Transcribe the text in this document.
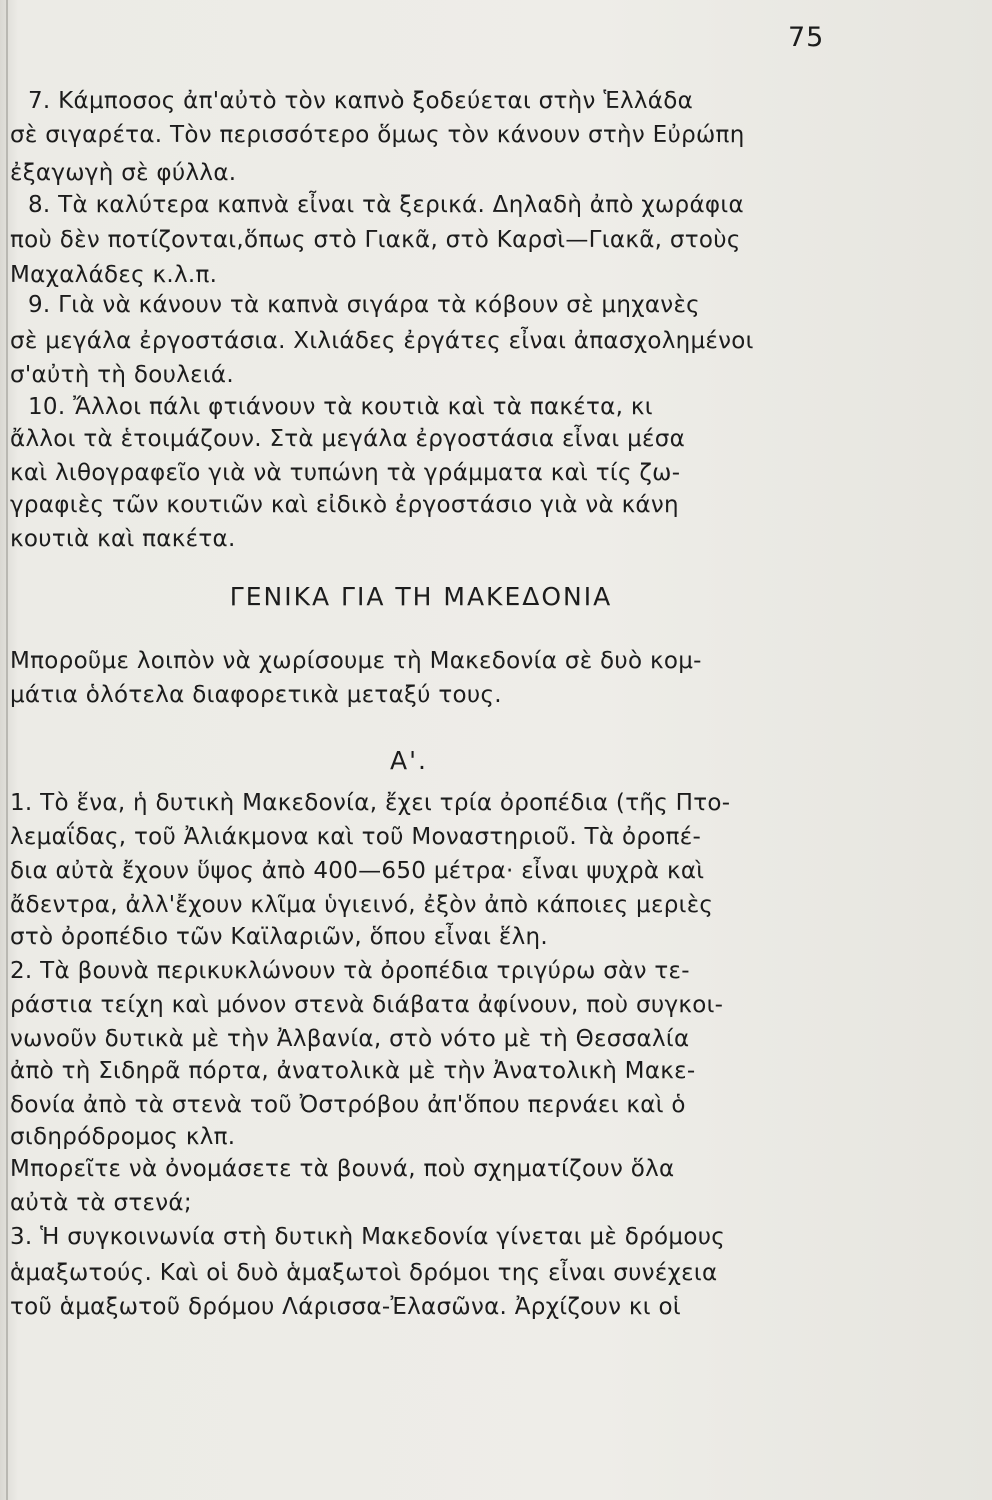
75
7. Κάμποσος ἀπ'αὐτὸ τὸν καπνὸ ξοδεύεται στὴν Ἑλλάδα
σὲ σιγαρέτα. Τὸν περισσότερο ὅμως τὸν κάνουν στὴν Εὐρώπη
ἐξαγωγὴ σὲ φύλλα.
8. Τὰ καλύτερα καπνὰ εἶναι τὰ ξερικά. Δηλαδὴ ἀπὸ χωράφια
ποὺ δὲν ποτίζονται,ὅπως στὸ Γιακᾶ, στὸ Καρσὶ—Γιακᾶ, στοὺς
Μαχαλάδες κ.λ.π.
9. Γιὰ νὰ κάνουν τὰ καπνὰ σιγάρα τὰ κόβουν σὲ μηχανὲς
σὲ μεγάλα ἐργοστάσια. Χιλιάδες ἐργάτες εἶναι ἀπασχολημένοι
σ'αὐτὴ τὴ δουλειά.
10. Ἄλλοι πάλι φτιάνουν τὰ κουτιὰ καὶ τὰ πακέτα, κι
ἄλλοι τὰ ἑτοιμάζουν. Στὰ μεγάλα ἐργοστάσια εἶναι μέσα
καὶ λιθογραφεῖο γιὰ νὰ τυπώνη τὰ γράμματα καὶ τίς ζω-
γραφιὲς τῶν κουτιῶν καὶ εἰδικὸ ἐργοστάσιο γιὰ νὰ κάνη
κουτιὰ καὶ πακέτα.
ΓΕΝΙΚΑ ΓΙΑ ΤΗ ΜΑΚΕΔΟΝΙΑ
Μποροῦμε λοιπὸν νὰ χωρίσουμε τὴ Μακεδονία σὲ δυὸ κομ-
μάτια ὁλότελα διαφορετικὰ μεταξύ τους.
Α'.
1. Τὸ ἕνα, ἡ δυτικὴ Μακεδονία, ἔχει τρία ὀροπέδια (τῆς Πτο-
λεμαΐδας, τοῦ Ἀλιάκμονα καὶ τοῦ Μοναστηριοῦ. Τὰ ὀροπέ-
δια αὐτὰ ἔχουν ὕψος ἀπὸ 400—650 μέτρα· εἶναι ψυχρὰ καὶ
ἄδεντρα, ἀλλ'ἔχουν κλῖμα ὑγιεινό, ἐξὸν ἀπὸ κάποιες μεριὲς
στὸ ὀροπέδιο τῶν Καϊλαριῶν, ὅπου εἶναι ἕλη.
2. Τὰ βουνὰ περικυκλώνουν τὰ ὀροπέδια τριγύρω σὰν τε-
ράστια τείχη καὶ μόνον στενὰ διάβατα ἀφίνουν, ποὺ συγκοι-
νωνοῦν δυτικὰ μὲ τὴν Ἀλβανία, στὸ νότο μὲ τὴ Θεσσαλία
ἀπὸ τὴ Σιδηρᾶ πόρτα, ἀνατολικὰ μὲ τὴν Ἀνατολικὴ Μακε-
δονία ἀπὸ τὰ στενὰ τοῦ Ὀστρόβου ἀπ'ὅπου περνάει καὶ ὁ
σιδηρόδρομος κλπ.
Μπορεῖτε νὰ ὀνομάσετε τὰ βουνά, ποὺ σχηματίζουν ὅλα
αὐτὰ τὰ στενά;
3. Ἡ συγκοινωνία στὴ δυτικὴ Μακεδονία γίνεται μὲ δρόμους
ἁμαξωτούς. Καὶ οἱ δυὸ ἁμαξωτοὶ δρόμοι της εἶναι συνέχεια
τοῦ ἁμαξωτοῦ δρόμου Λάρισσα-Ἐλασῶνα. Ἀρχίζουν κι οἱ
